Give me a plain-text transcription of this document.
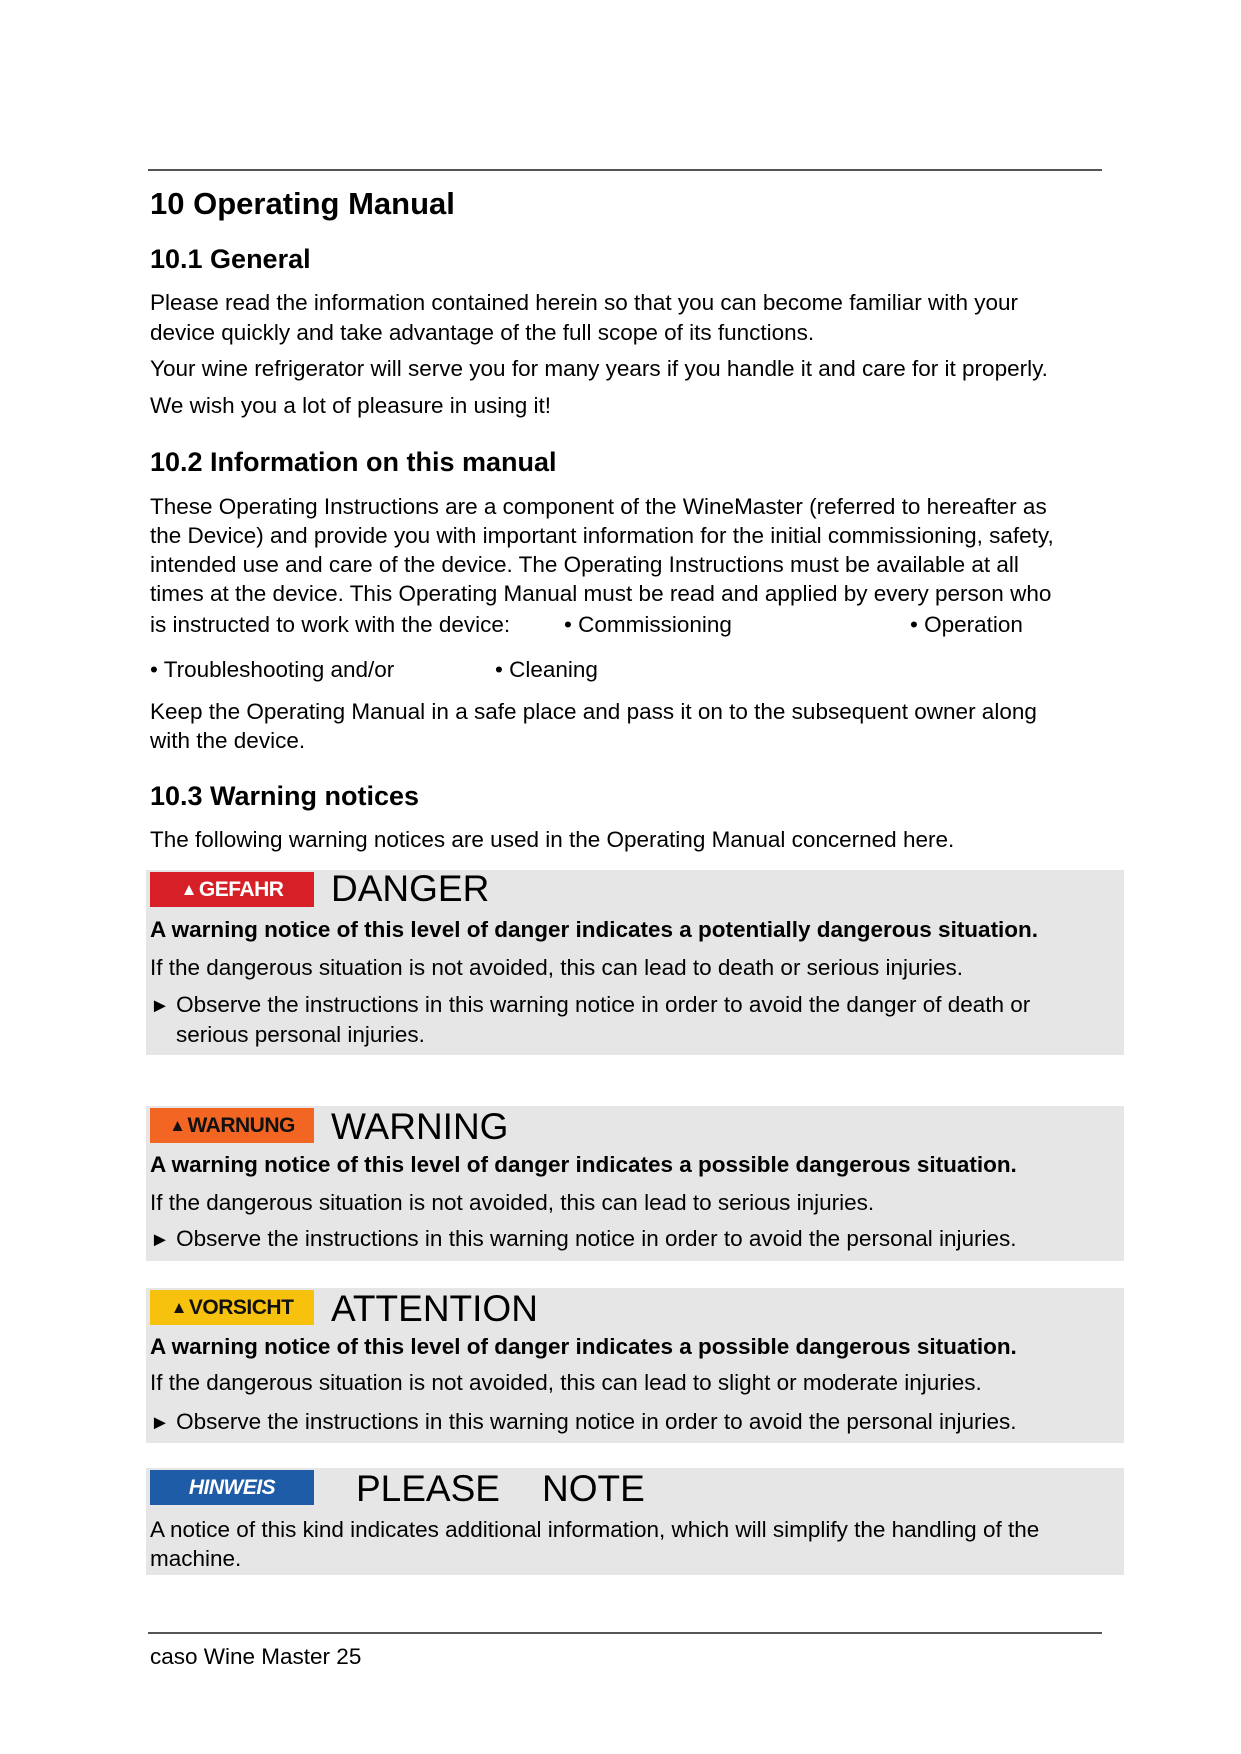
10 Operating Manual
10.1 General
Please read the information contained herein so that you can become familiar with your
device quickly and take advantage of the full scope of its functions.
Your wine refrigerator will serve you for many years if you handle it and care for it properly.
We wish you a lot of pleasure in using it!
10.2 Information on this manual
These Operating Instructions are a component of the WineMaster (referred to hereafter as
the Device) and provide you with important information for the initial commissioning, safety,
intended use and care of the device. The Operating Instructions must be available at all
times at the device. This Operating Manual must be read and applied by every person who
is instructed to work with the device: • Commissioning	• Operation
• Troubleshooting and/or	• Cleaning
Keep the Operating Manual in a safe place and pass it on to the subsequent owner along
with the device.
10.3 Warning notices
The following warning notices are used in the Operating Manual concerned here.
▲ GEFAHR DANGER
A warning notice of this level of danger indicates a potentially dangerous situation.
If the dangerous situation is not avoided, this can lead to death or serious injuries.
► Observe the instructions in this warning notice in order to avoid the danger of death or
serious personal injuries.
▲ WARNUNG WARNING
A warning notice of this level of danger indicates a possible dangerous situation.
If the dangerous situation is not avoided, this can lead to serious injuries.
► Observe the instructions in this warning notice in order to avoid the personal injuries.
▲ VORSICHT ATTENTION
A warning notice of this level of danger indicates a possible dangerous situation.
If the dangerous situation is not avoided, this can lead to slight or moderate injuries.
► Observe the instructions in this warning notice in order to avoid the personal injuries.
HINWEIS PLEASE NOTE
A notice of this kind indicates additional information, which will simplify the handling of the
machine.
caso Wine Master 25
